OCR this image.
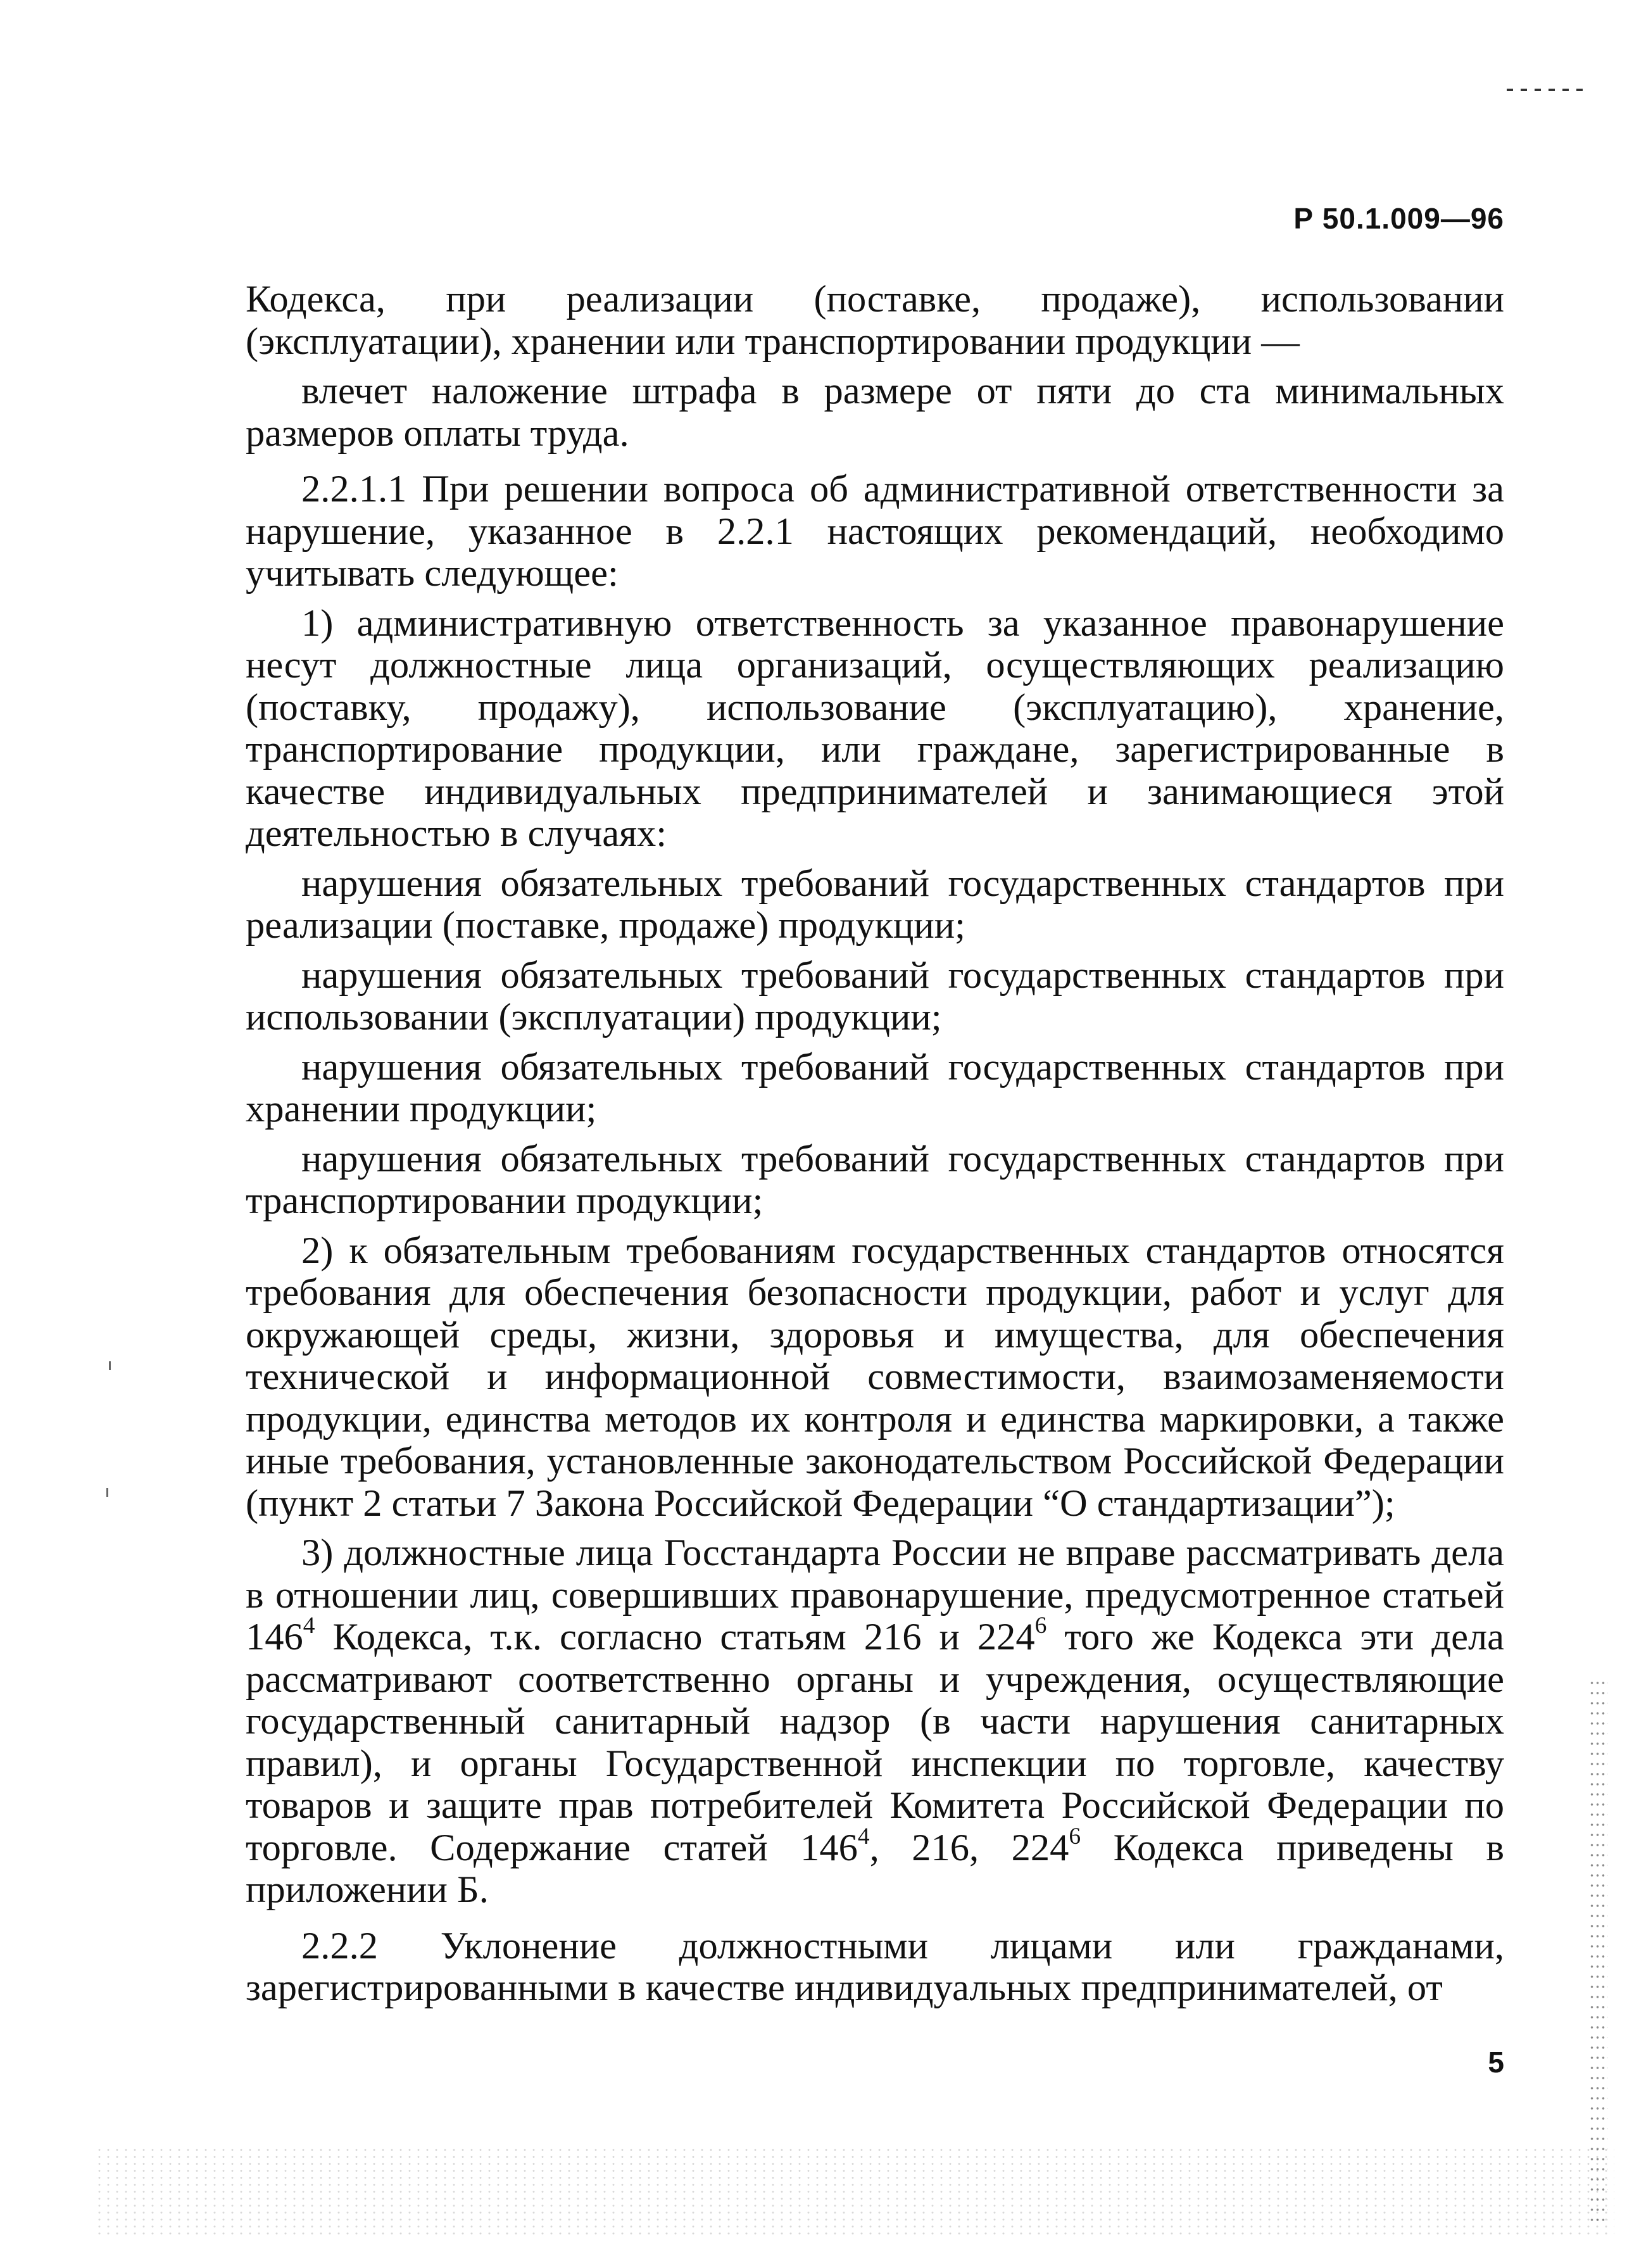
Р 50.1.009—96

Кодекса, при реализации (поставке, продаже), использовании (эксплуатации), хранении или транспортировании продукции —

влечет наложение штрафа в размере от пяти до ста минимальных размеров оплаты труда.

2.2.1.1 При решении вопроса об административной ответственности за нарушение, указанное в 2.2.1 настоящих рекомендаций, необходимо учитывать следующее:

1) административную ответственность за указанное правонарушение несут должностные лица организаций, осуществляющих реализацию (поставку, продажу), использование (эксплуатацию), хранение, транспортирование продукции, или граждане, зарегистрированные в качестве индивидуальных предпринимателей и занимающиеся этой деятельностью в случаях:

нарушения обязательных требований государственных стандартов при реализации (поставке, продаже) продукции;

нарушения обязательных требований государственных стандартов при использовании (эксплуатации) продукции;

нарушения обязательных требований государственных стандартов при хранении продукции;

нарушения обязательных требований государственных стандартов при транспортировании продукции;

2) к обязательным требованиям государственных стандартов относятся требования для обеспечения безопасности продукции, работ и услуг для окружающей среды, жизни, здоровья и имущества, для обеспечения технической и информационной совместимости, взаимозаменяемости продукции, единства методов их контроля и единства маркировки, а также иные требования, установленные законодательством Российской Федерации (пункт 2 статьи 7 Закона Российской Федерации “О стандартизации”);

3) должностные лица Госстандарта России не вправе рассматривать дела в отношении лиц, совершивших правонарушение, предусмотренное статьей $146^4$ Кодекса, т.к. согласно статьям 216 и $224^6$ того же Кодекса эти дела рассматривают соответственно органы и учреждения, осуществляющие государственный санитарный надзор (в части нарушения санитарных правил), и органы Государственной инспекции по торговле, качеству товаров и защите прав потребителей Комитета Российской Федерации по торговле. Содержание статей $146^4$, 216, $224^6$ Кодекса приведены в приложении Б.

2.2.2 Уклонение должностными лицами или гражданами, зарегистрированными в качестве индивидуальных предпринимателей, от

5
